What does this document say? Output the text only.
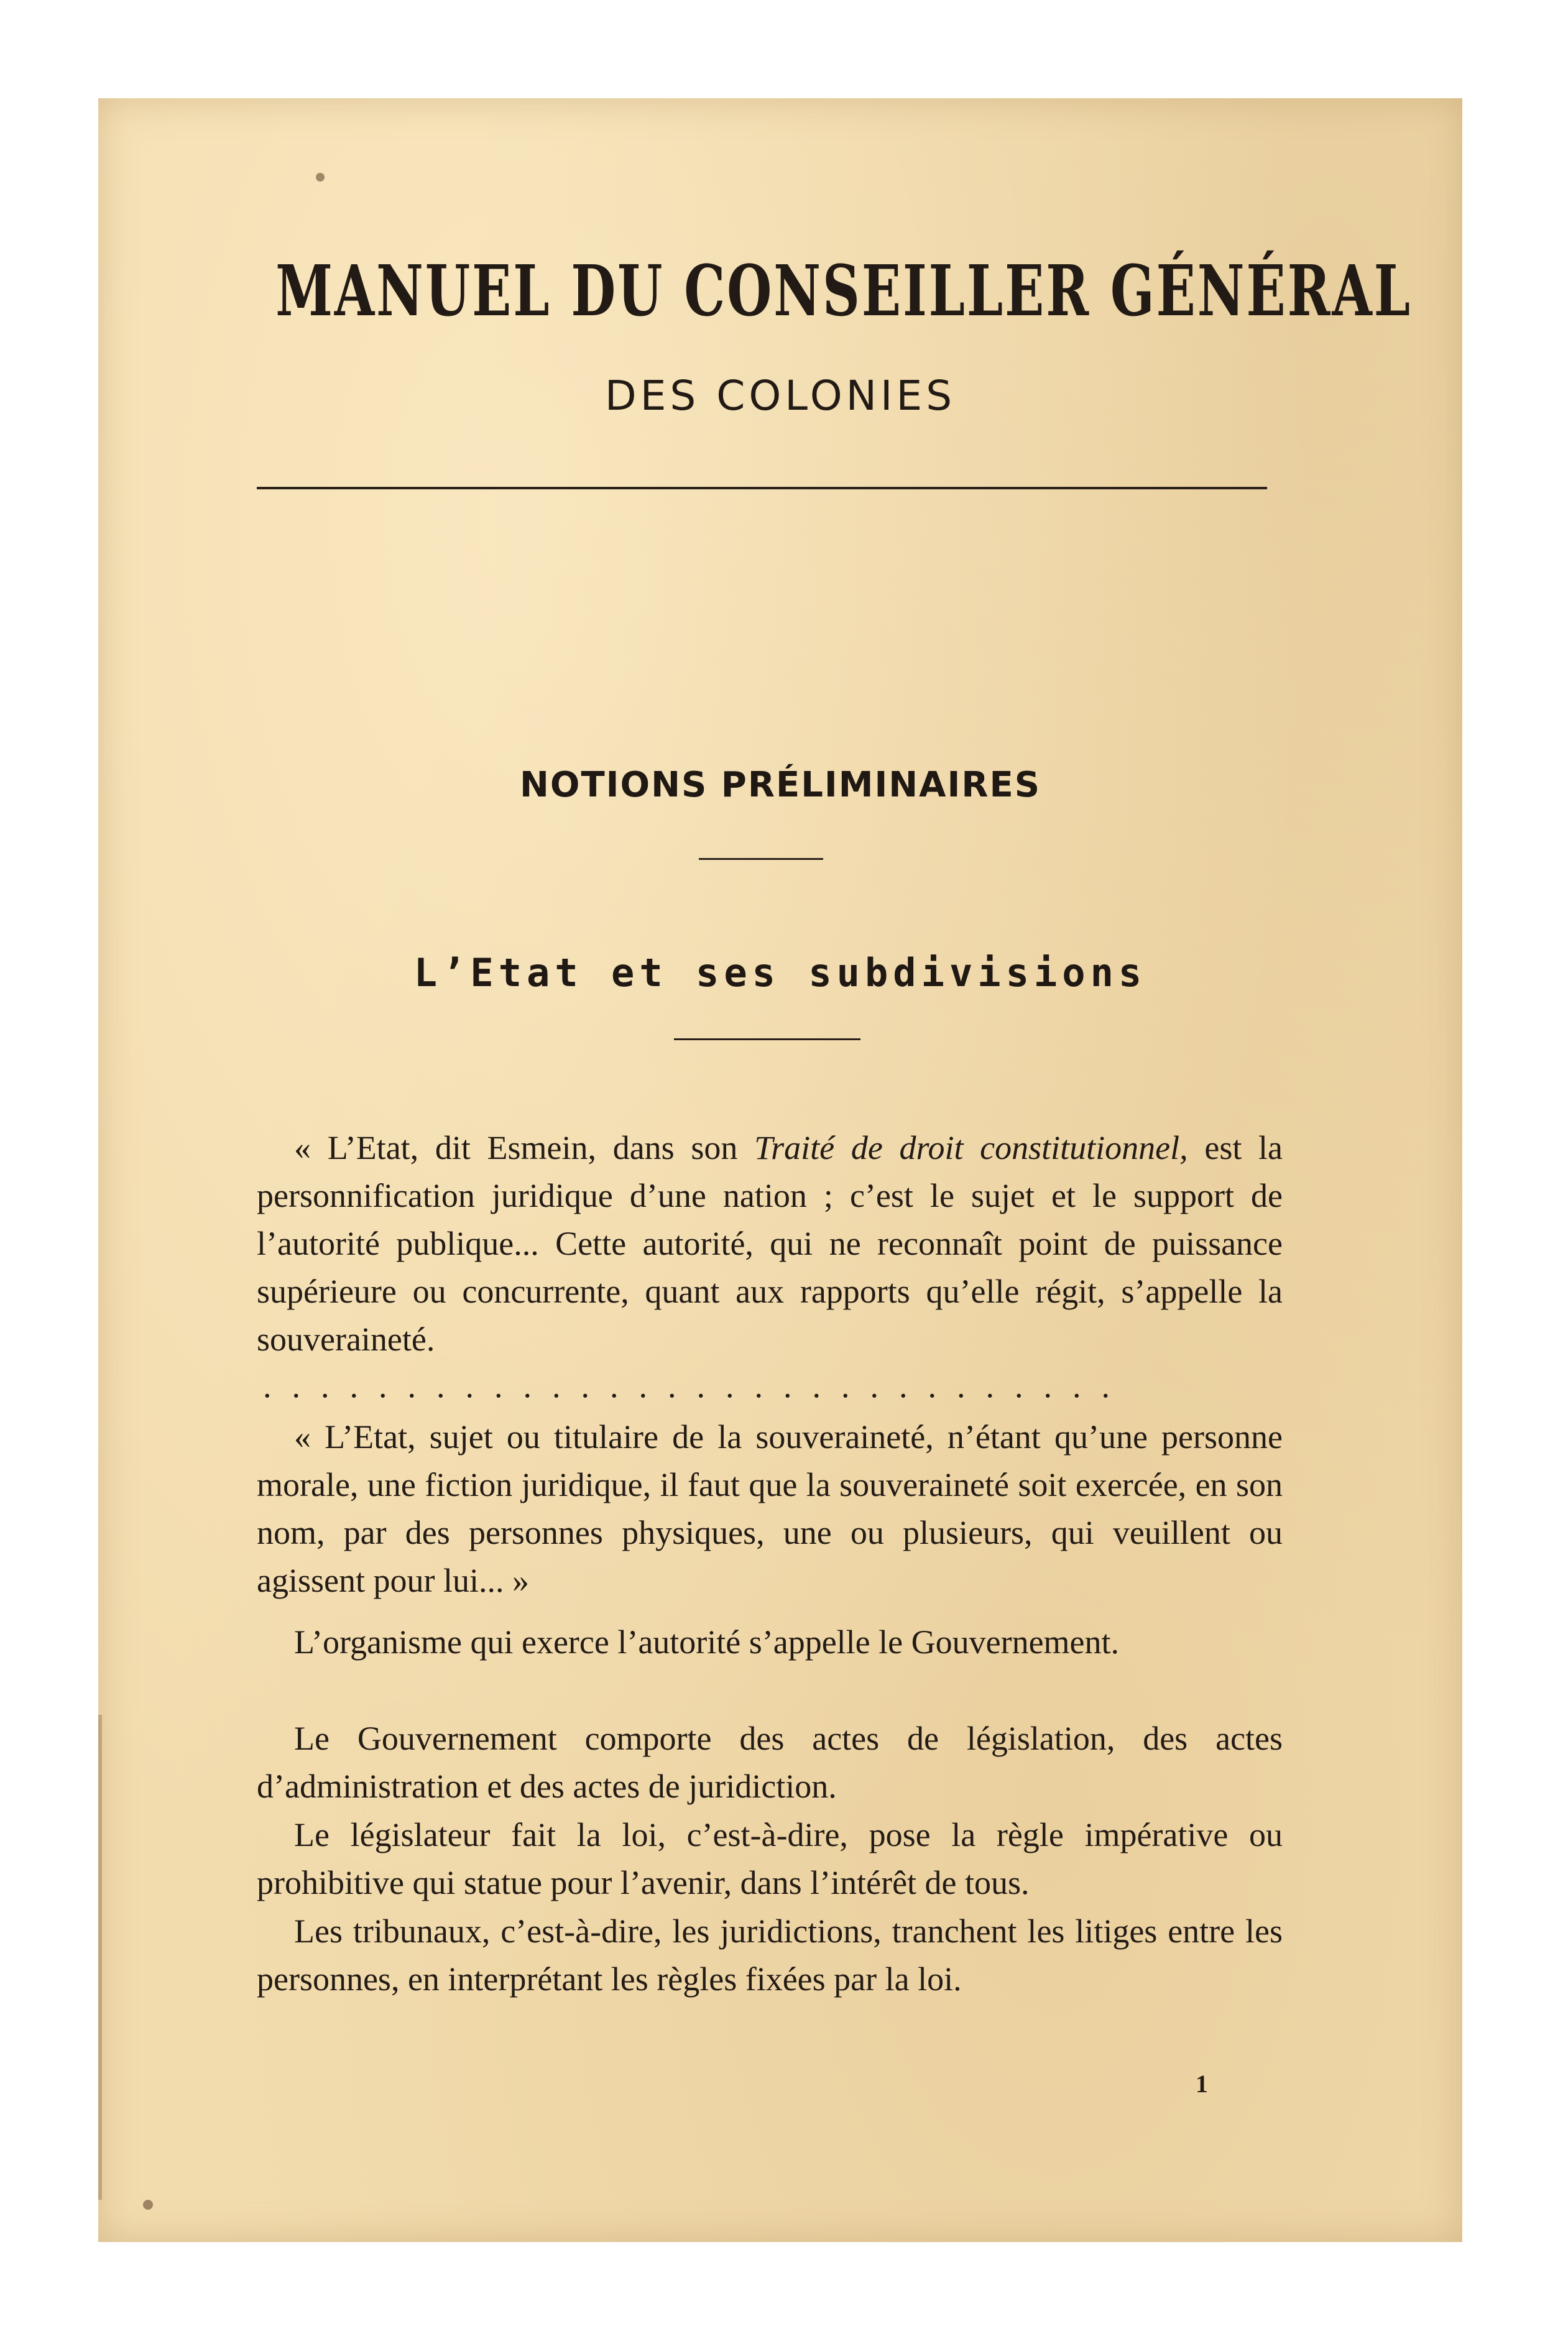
MANUEL DU CONSEILLER GÉNÉRAL
DES COLONIES
NOTIONS PRÉLIMINAIRES
L’Etat et ses subdivisions
« L’Etat, dit Esmein, dans son Traité de droit constitutionnel, est la personnification juridique d’une nation ; c’est le sujet et le support de l’autorité publique... Cette autorité, qui ne reconnaît point de puissance supérieure ou concurrente, quant aux rapports qu’elle régit, s’appelle la souveraineté.
..............................
« L’Etat, sujet ou titulaire de la souveraineté, n’étant qu’une personne morale, une fiction juridique, il faut que la souveraineté soit exercée, en son nom, par des personnes physiques, une ou plusieurs, qui veuillent ou agissent pour lui... »
L’organisme qui exerce l’autorité s’appelle le Gouvernement.
Le Gouvernement comporte des actes de législation, des actes d’administration et des actes de juridiction.
Le législateur fait la loi, c’est-à-dire, pose la règle impérative ou prohibitive qui statue pour l’avenir, dans l’intérêt de tous.
Les tribunaux, c’est-à-dire, les juridictions, tranchent les litiges entre les personnes, en interprétant les règles fixées par la loi.
1
